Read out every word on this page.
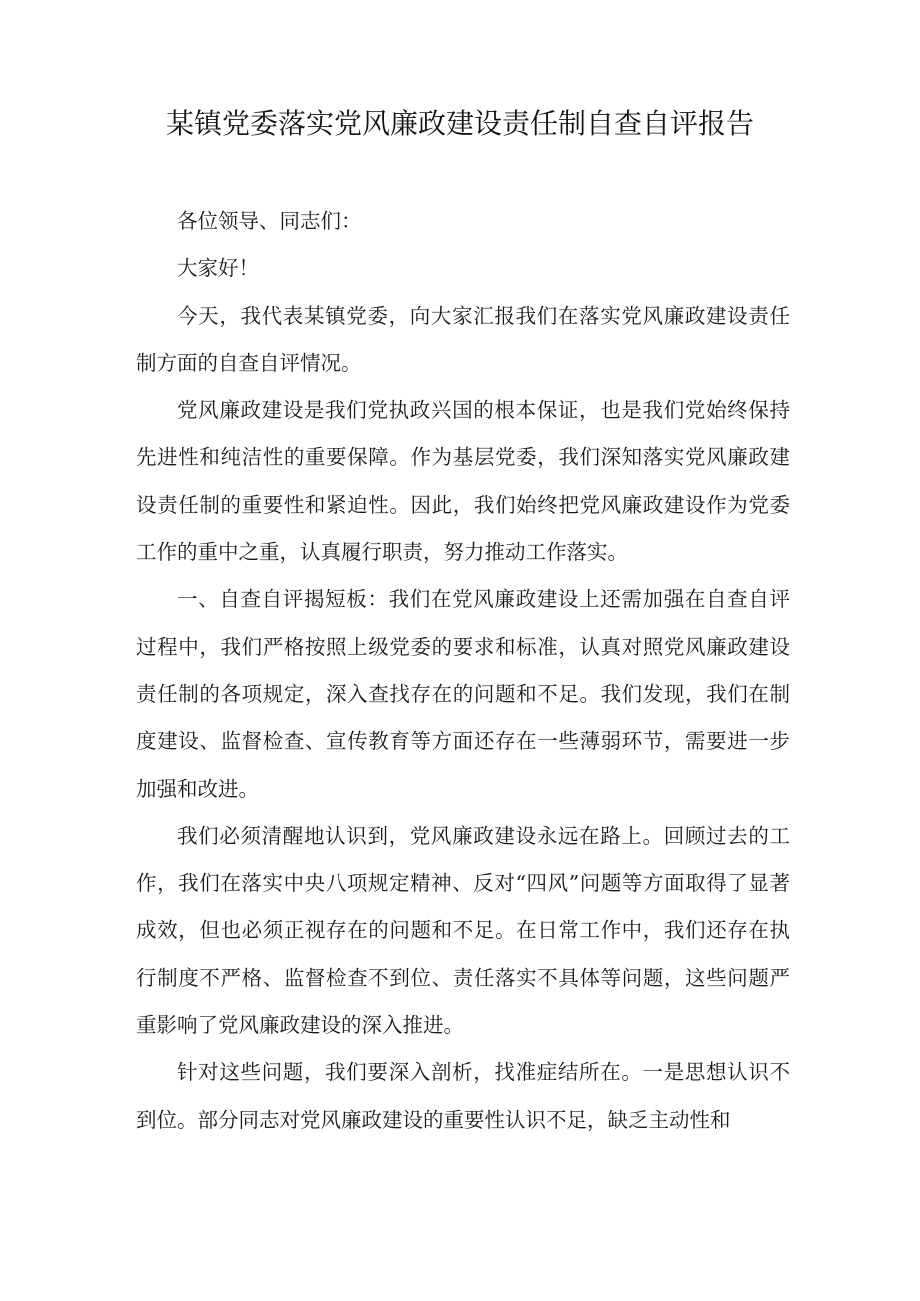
某镇党委落实党风廉政建设责任制自查自评报告

各位领导、同志们：

大家好！

今天，我代表某镇党委，向大家汇报我们在落实党风廉政建设责任制方面的自查自评情况。

党风廉政建设是我们党执政兴国的根本保证，也是我们党始终保持先进性和纯洁性的重要保障。作为基层党委，我们深知落实党风廉政建设责任制的重要性和紧迫性。因此，我们始终把党风廉政建设作为党委工作的重中之重，认真履行职责，努力推动工作落实。

一、自查自评揭短板：我们在党风廉政建设上还需加强在自查自评过程中，我们严格按照上级党委的要求和标准，认真对照党风廉政建设责任制的各项规定，深入查找存在的问题和不足。我们发现，我们在制度建设、监督检查、宣传教育等方面还存在一些薄弱环节，需要进一步加强和改进。

我们必须清醒地认识到，党风廉政建设永远在路上。回顾过去的工作，我们在落实中央八项规定精神、反对“四风”问题等方面取得了显著成效，但也必须正视存在的问题和不足。在日常工作中，我们还存在执行制度不严格、监督检查不到位、责任落实不具体等问题，这些问题严重影响了党风廉政建设的深入推进。

针对这些问题，我们要深入剖析，找准症结所在。一是思想认识不到位。部分同志对党风廉政建设的重要性认识不足，缺乏主动性和
